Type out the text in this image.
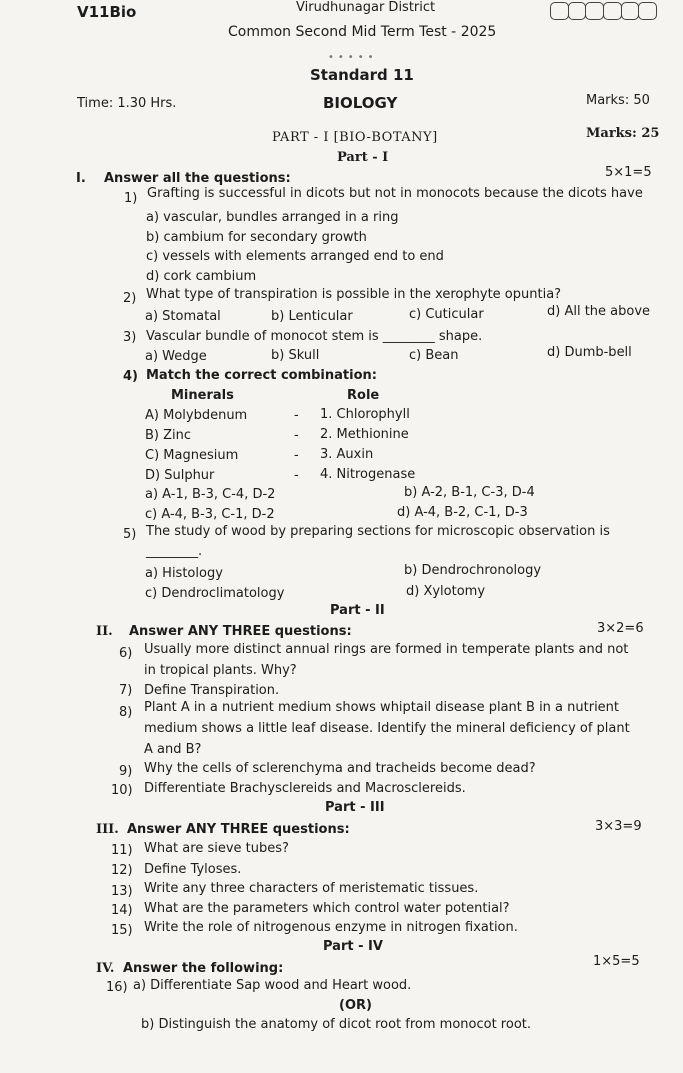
V11Bio	Virudhunagar District
Common Second Mid Term Test - 2025
•••••
Standard 11
Time: 1.30 Hrs.	BIOLOGY	Marks: 50
PART - I [BIO-BOTANY]	Marks: 25
Part - I
I. Answer all the questions:	5×1=5
1) Grafting is successful in dicots but not in monocots because the dicots have
a) vascular, bundles arranged in a ring
b) cambium for secondary growth
c) vessels with elements arranged end to end
d) cork cambium
2) What type of transpiration is possible in the xerophyte opuntia?
a) Stomatal	b) Lenticular	c) Cuticular	d) All the above
3) Vascular bundle of monocot stem is ________ shape.
a) Wedge	b) Skull	c) Bean	d) Dumb-bell
4) Match the correct combination:
Minerals	Role
A) Molybdenum	- 1. Chlorophyll
B) Zinc	- 2. Methionine
C) Magnesium	- 3. Auxin
D) Sulphur	- 4. Nitrogenase
a) A-1, B-3, C-4, D-2	b) A-2, B-1, C-3, D-4
c) A-4, B-3, C-1, D-2	d) A-4, B-2, C-1, D-3
5) The study of wood by preparing sections for microscopic observation is
________.
a) Histology	b) Dendrochronology
c) Dendroclimatology	d) Xylotomy
Part - II
II. Answer ANY THREE questions:	3×2=6
6) Usually more distinct annual rings are formed in temperate plants and not
in tropical plants. Why?
7) Define Transpiration.
8) Plant A in a nutrient medium shows whiptail disease plant B in a nutrient
medium shows a little leaf disease. Identify the mineral deficiency of plant
A and B?
9) Why the cells of sclerenchyma and tracheids become dead?
10) Differentiate Brachysclereids and Macrosclereids.
Part - III
III. Answer ANY THREE questions:	3×3=9
11) What are sieve tubes?
12) Define Tyloses.
13) Write any three characters of meristematic tissues.
14) What are the parameters which control water potential?
15) Write the role of nitrogenous enzyme in nitrogen fixation.
Part - IV
IV. Answer the following:	1×5=5
16) a) Differentiate Sap wood and Heart wood.
(OR)
b) Distinguish the anatomy of dicot root from monocot root.
